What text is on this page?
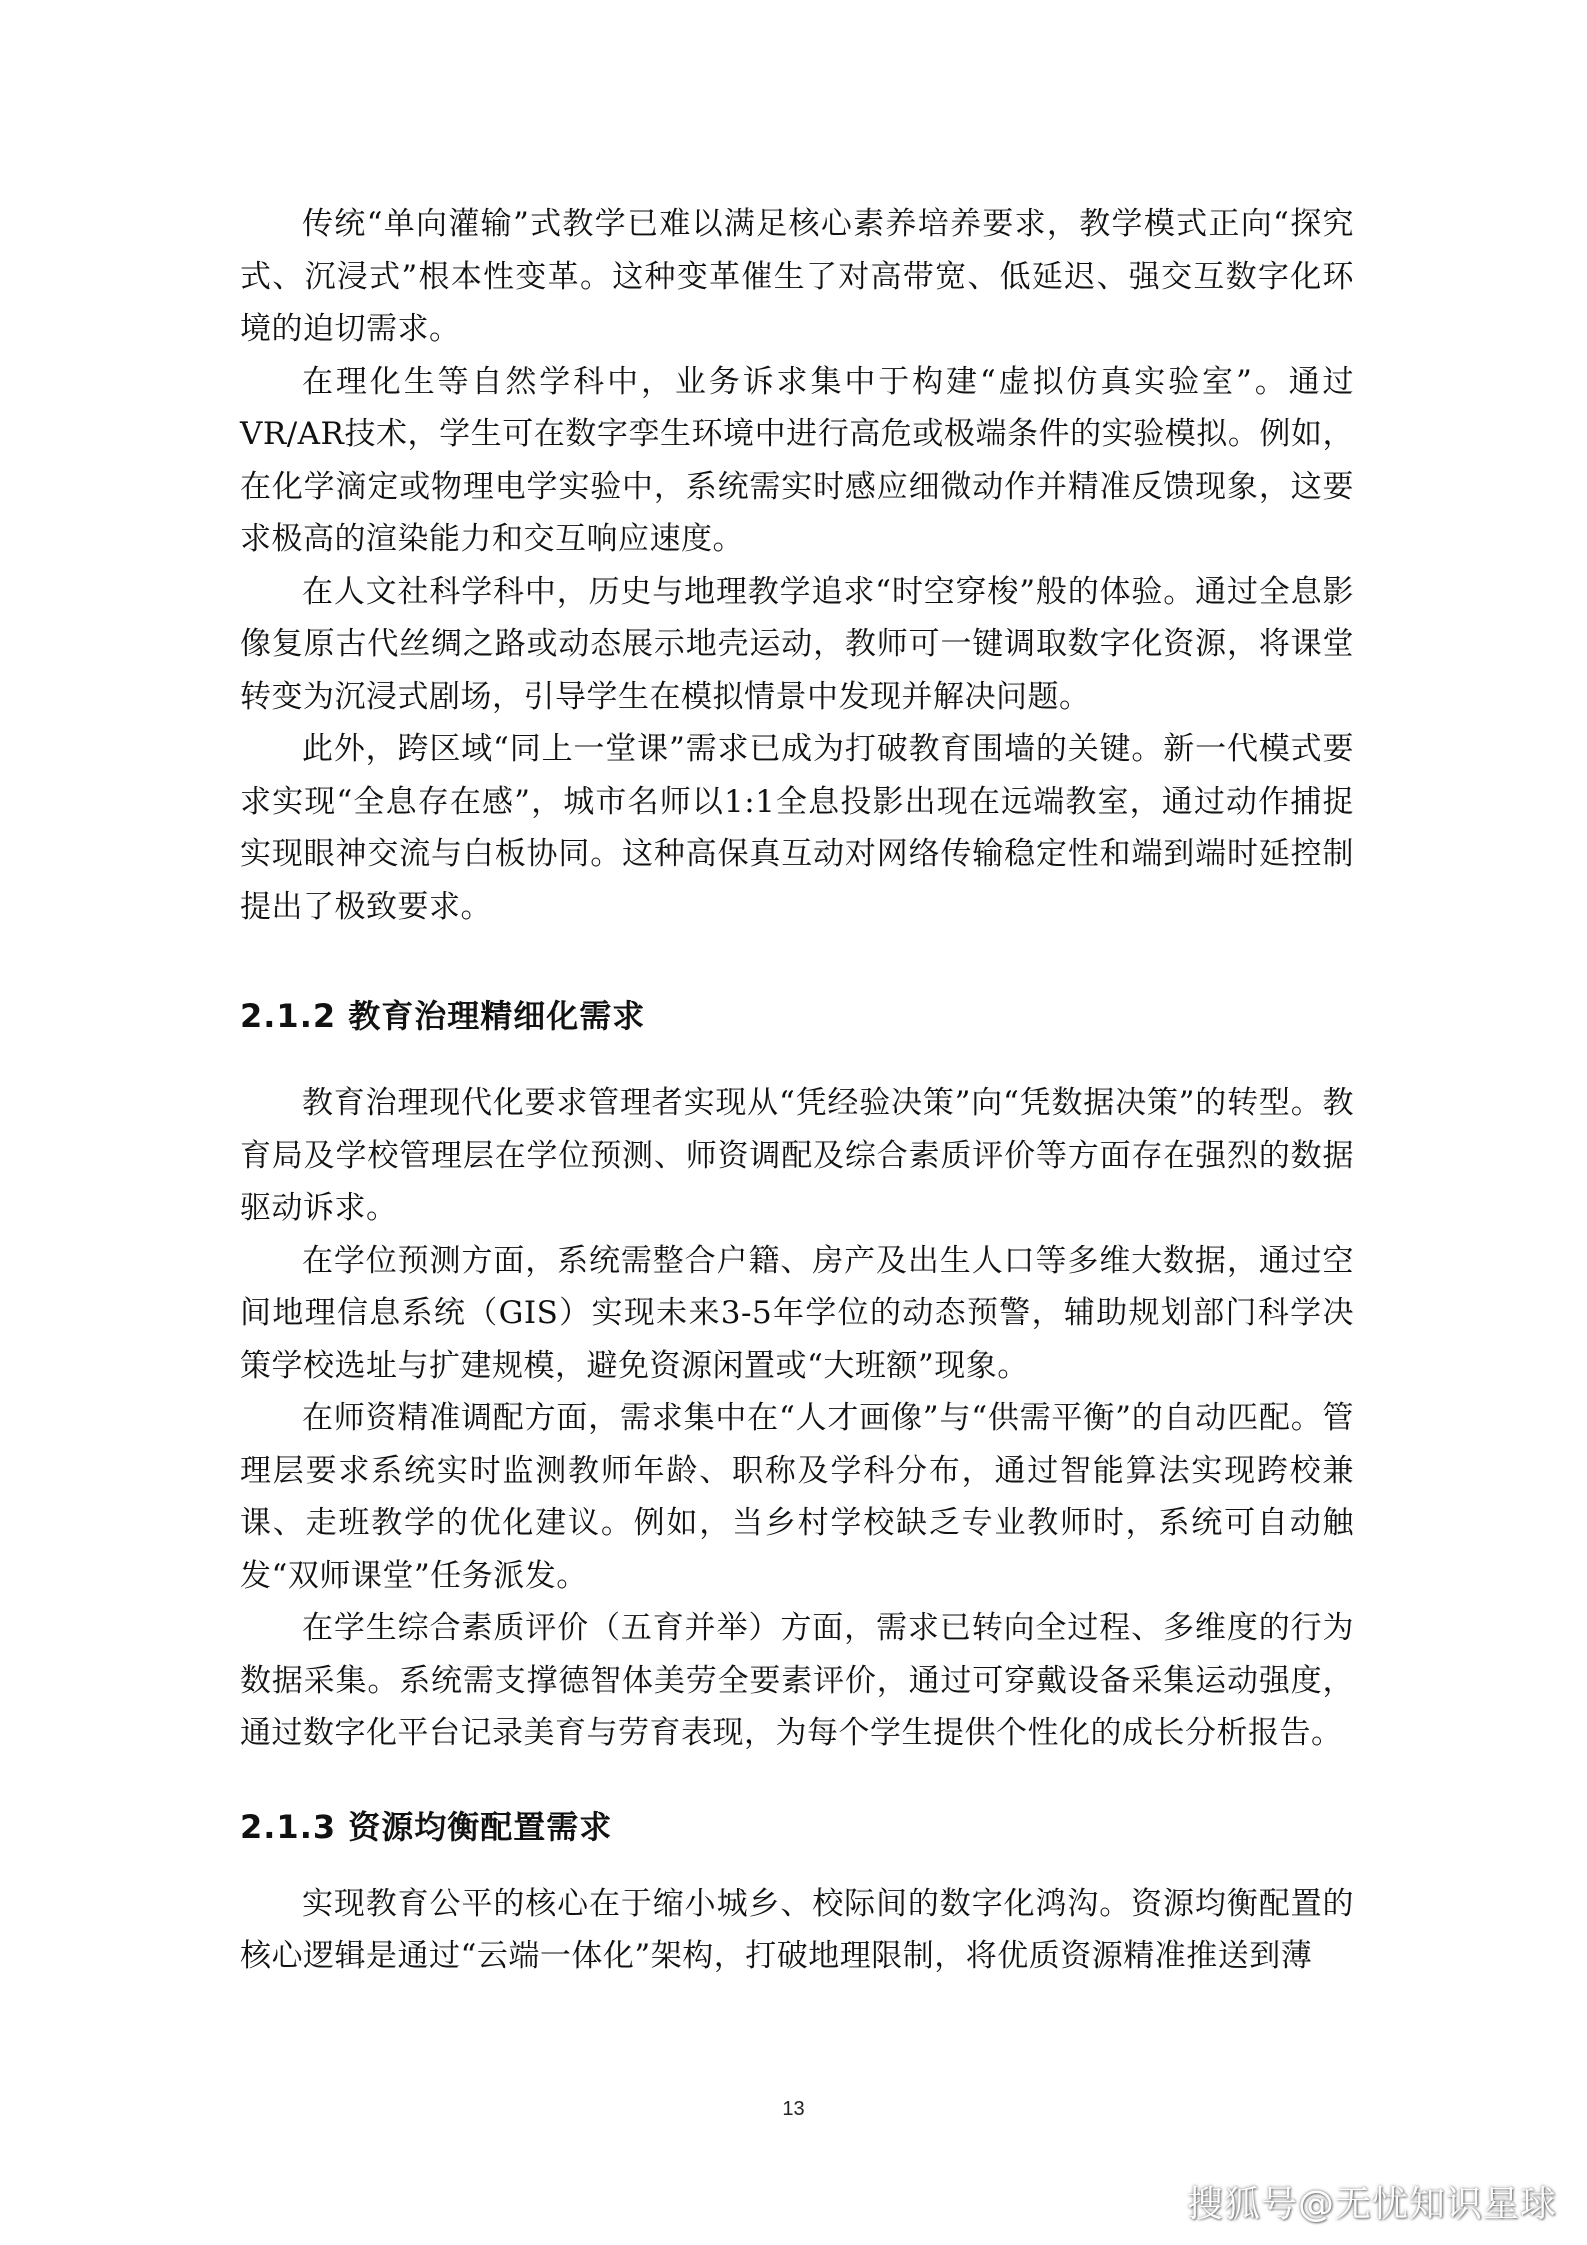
传统“单向灌输”式教学已难以满足核心素养培养要求，教学模式正向“探究式、沉浸式”根本性变革。这种变革催生了对高带宽、低延迟、强交互数字化环境的迫切需求。

在理化生等自然学科中，业务诉求集中于构建“虚拟仿真实验室”。通过VR/AR技术，学生可在数字孪生环境中进行高危或极端条件的实验模拟。例如，在化学滴定或物理电学实验中，系统需实时感应细微动作并精准反馈现象，这要求极高的渲染能力和交互响应速度。

在人文社科学科中，历史与地理教学追求“时空穿梭”般的体验。通过全息影像复原古代丝绸之路或动态展示地壳运动，教师可一键调取数字化资源，将课堂转变为沉浸式剧场，引导学生在模拟情景中发现并解决问题。

此外，跨区域“同上一堂课”需求已成为打破教育围墙的关键。新一代模式要求实现“全息存在感”，城市名师以1:1全息投影出现在远端教室，通过动作捕捉实现眼神交流与白板协同。这种高保真互动对网络传输稳定性和端到端时延控制提出了极致要求。

2.1.2 教育治理精细化需求

教育治理现代化要求管理者实现从“凭经验决策”向“凭数据决策”的转型。教育局及学校管理层在学位预测、师资调配及综合素质评价等方面存在强烈的数据驱动诉求。

在学位预测方面，系统需整合户籍、房产及出生人口等多维大数据，通过空间地理信息系统（GIS）实现未来3-5年学位的动态预警，辅助规划部门科学决策学校选址与扩建规模，避免资源闲置或“大班额”现象。

在师资精准调配方面，需求集中在“人才画像”与“供需平衡”的自动匹配。管理层要求系统实时监测教师年龄、职称及学科分布，通过智能算法实现跨校兼课、走班教学的优化建议。例如，当乡村学校缺乏专业教师时，系统可自动触发“双师课堂”任务派发。

在学生综合素质评价（五育并举）方面，需求已转向全过程、多维度的行为数据采集。系统需支撑德智体美劳全要素评价，通过可穿戴设备采集运动强度，通过数字化平台记录美育与劳育表现，为每个学生提供个性化的成长分析报告。

2.1.3 资源均衡配置需求

实现教育公平的核心在于缩小城乡、校际间的数字化鸿沟。资源均衡配置的核心逻辑是通过“云端一体化”架构，打破地理限制，将优质资源精准推送到薄

13
搜狐号@无忧知识星球
